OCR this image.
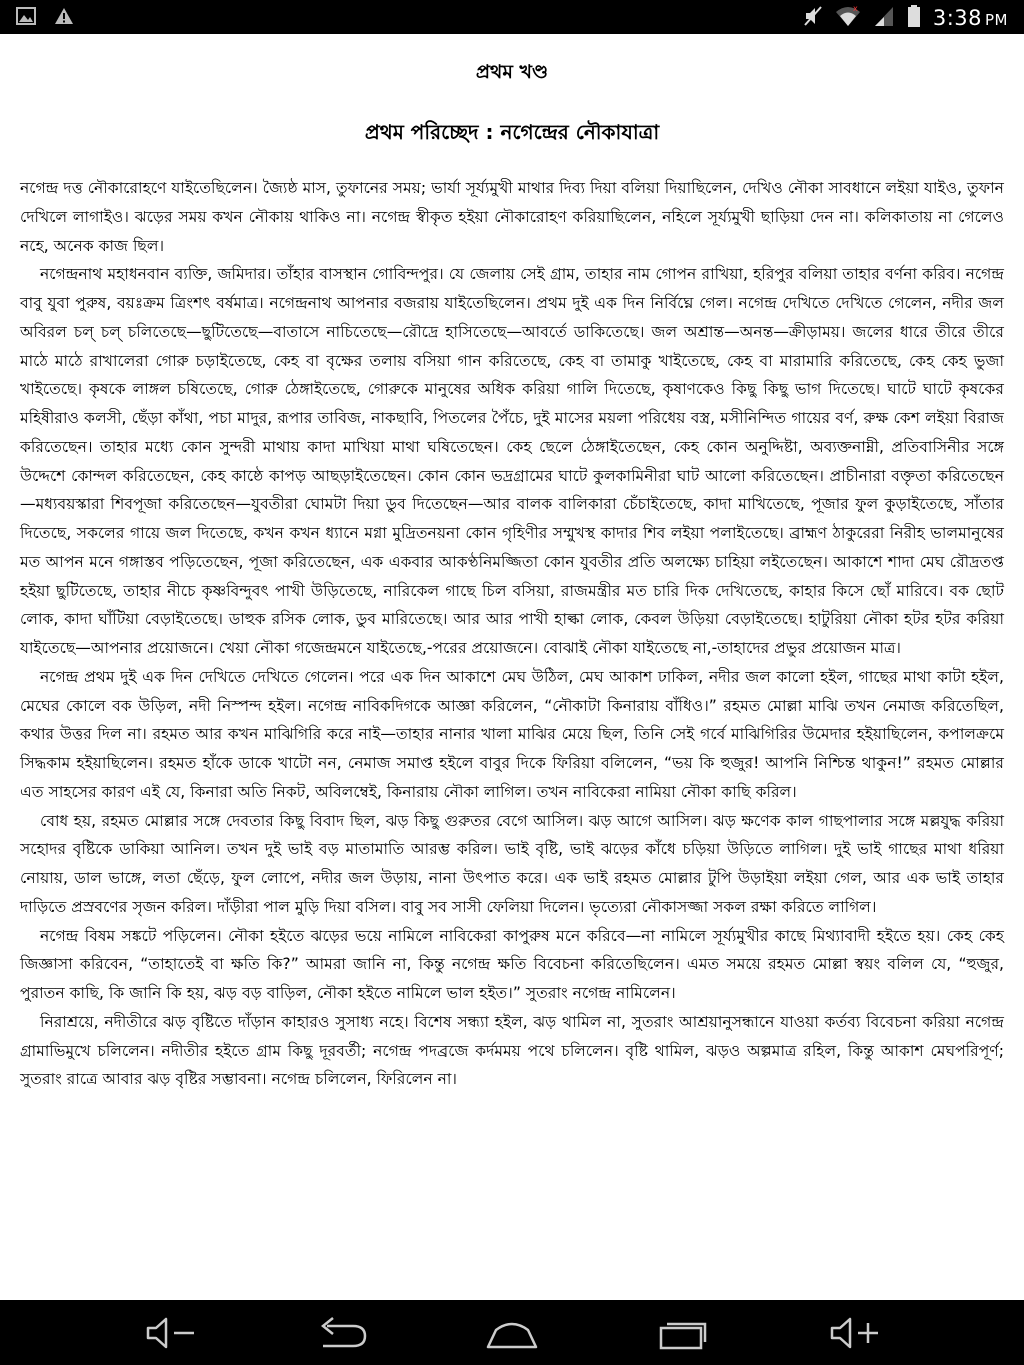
x	3:38 PM
প্রথম খণ্ড
প্রথম পরিচ্ছেদ : নগেন্দ্রের নৌকাযাত্রা

নগেন্দ্র দত্ত নৌকারোহণে যাইতেছিলেন। জ্যৈষ্ঠ মাস, তুফানের সময়; ভার্যা সূর্য্যমুখী মাথার দিব্য দিয়া বলিয়া দিয়াছিলেন, দেখিও নৌকা সাবধানে লইয়া যাইও, তুফান দেখিলে লাগাইও। ঝড়ের সময় কখন নৌকায় থাকিও না। নগেন্দ্র স্বীকৃত হইয়া নৌকারোহণ করিয়াছিলেন, নহিলে সূর্য্যমুখী ছাড়িয়া দেন না। কলিকাতায় না গেলেও নহে, অনেক কাজ ছিল।

নগেন্দ্রনাথ মহাধনবান ব্যক্তি, জমিদার। তাঁহার বাসস্থান গোবিন্দপুর। যে জেলায় সেই গ্রাম, তাহার নাম গোপন রাখিয়া, হরিপুর বলিয়া তাহার বর্ণনা করিব। নগেন্দ্র বাবু যুবা পুরুষ, বয়ঃক্রম ত্রিংশৎ বর্ষমাত্র। নগেন্দ্রনাথ আপনার বজরায় যাইতেছিলেন। প্রথম দুই এক দিন নির্বিঘ্নে গেল। নগেন্দ্র দেখিতে দেখিতে গেলেন, নদীর জল অবিরল চল্‌ চল্‌ চলিতেছে—ছুটিতেছে—বাতাসে নাচিতেছে—রৌদ্রে হাসিতেছে—আবর্তে ডাকিতেছে। জল অশ্রান্ত—অনন্ত—ক্রীড়াময়। জলের ধারে তীরে তীরে মাঠে মাঠে রাখালেরা গোরু চড়াইতেছে, কেহ বা বৃক্ষের তলায় বসিয়া গান করিতেছে, কেহ বা তামাকু খাইতেছে, কেহ বা মারামারি করিতেছে, কেহ কেহ ভুজা খাইতেছে। কৃষকে লাঙ্গল চষিতেছে, গোরু ঠেঙ্গাইতেছে, গোরুকে মানুষের অধিক করিয়া গালি দিতেছে, কৃষাণকেও কিছু কিছু ভাগ দিতেছে। ঘাটে ঘাটে কৃষকের মহিষীরাও কলসী, ছেঁড়া কাঁথা, পচা মাদুর, রূপার তাবিজ, নাকছাবি, পিতলের পৈঁচে, দুই মাসের ময়লা পরিধেয় বস্ত্র, মসীনিন্দিত গায়ের বর্ণ, রুক্ষ কেশ লইয়া বিরাজ করিতেছেন। তাহার মধ্যে কোন সুন্দরী মাথায় কাদা মাখিয়া মাথা ঘষিতেছেন। কেহ ছেলে ঠেঙ্গাইতেছেন, কেহ কোন অনুদ্দিষ্টা, অব্যক্তনাম্নী, প্রতিবাসিনীর সঙ্গে উদ্দেশে কোন্দল করিতেছেন, কেহ কাষ্ঠে কাপড় আছড়াইতেছেন। কোন কোন ভদ্রগ্রামের ঘাটে কুলকামিনীরা ঘাট আলো করিতেছেন। প্রাচীনারা বক্তৃতা করিতেছেন—মধ্যবয়স্কারা শিবপূজা করিতেছেন—যুবতীরা ঘোমটা দিয়া ডুব দিতেছেন—আর বালক বালিকারা চেঁচাইতেছে, কাদা মাখিতেছে, পূজার ফুল কুড়াইতেছে, সাঁতার দিতেছে, সকলের গায়ে জল দিতেছে, কখন কখন ধ্যানে মগ্না মুদ্রিতনয়না কোন গৃহিণীর সম্মুখস্থ কাদার শিব লইয়া পলাইতেছে। ব্রাহ্মণ ঠাকুরেরা নিরীহ ভালমানুষের মত আপন মনে গঙ্গাস্তব পড়িতেছেন, পূজা করিতেছেন, এক একবার আকণ্ঠনিমজ্জিতা কোন যুবতীর প্রতি অলক্ষ্যে চাহিয়া লইতেছেন। আকাশে শাদা মেঘ রৌদ্রতপ্ত হইয়া ছুটিতেছে, তাহার নীচে কৃষ্ণবিন্দুবৎ পাখী উড়িতেছে, নারিকেল গাছে চিল বসিয়া, রাজমন্ত্রীর মত চারি দিক দেখিতেছে, কাহার কিসে ছোঁ মারিবে। বক ছোট লোক, কাদা ঘাঁটিয়া বেড়াইতেছে। ডাহুক রসিক লোক, ডুব মারিতেছে। আর আর পাখী হাল্কা লোক, কেবল উড়িয়া বেড়াইতেছে। হাটুরিয়া নৌকা হটর হটর করিয়া যাইতেছে—আপনার প্রয়োজনে। খেয়া নৌকা গজেন্দ্রমনে যাইতেছে,-পরের প্রয়োজনে। বোঝাই নৌকা যাইতেছে না,-তাহাদের প্রভুর প্রয়োজন মাত্র।

নগেন্দ্র প্রথম দুই এক দিন দেখিতে দেখিতে গেলেন। পরে এক দিন আকাশে মেঘ উঠিল, মেঘ আকাশ ঢাকিল, নদীর জল কালো হইল, গাছের মাথা কাটা হইল, মেঘের কোলে বক উড়িল, নদী নিস্পন্দ হইল। নগেন্দ্র নাবিকদিগকে আজ্ঞা করিলেন, “নৌকাটা কিনারায় বাঁধিও।” রহমত মোল্লা মাঝি তখন নেমাজ করিতেছিল, কথার উত্তর দিল না। রহমত আর কখন মাঝিগিরি করে নাই—তাহার নানার খালা মাঝির মেয়ে ছিল, তিনি সেই গর্বে মাঝিগিরির উমেদার হইয়াছিলেন, কপালক্রমে সিদ্ধকাম হইয়াছিলেন। রহমত হাঁকে ডাকে খাটো নন, নেমাজ সমাপ্ত হইলে বাবুর দিকে ফিরিয়া বলিলেন, “ভয় কি হুজুর! আপনি নিশ্চিন্ত থাকুন!” রহমত মোল্লার এত সাহসের কারণ এই যে, কিনারা অতি নিকট, অবিলম্বেই, কিনারায় নৌকা লাগিল। তখন নাবিকেরা নামিয়া নৌকা কাছি করিল।

বোধ হয়, রহমত মোল্লার সঙ্গে দেবতার কিছু বিবাদ ছিল, ঝড় কিছু গুরুতর বেগে আসিল। ঝড় আগে আসিল। ঝড় ক্ষণেক কাল গাছপালার সঙ্গে মল্লযুদ্ধ করিয়া সহোদর বৃষ্টিকে ডাকিয়া আনিল। তখন দুই ভাই বড় মাতামাতি আরম্ভ করিল। ভাই বৃষ্টি, ভাই ঝড়ের কাঁধে চড়িয়া উড়িতে লাগিল। দুই ভাই গাছের মাথা ধরিয়া নোয়ায়, ডাল ভাঙ্গে, লতা ছেঁড়ে, ফুল লোপে, নদীর জল উড়ায়, নানা উৎপাত করে। এক ভাই রহমত মোল্লার টুপি উড়াইয়া লইয়া গেল, আর এক ভাই তাহার দাড়িতে প্রস্রবণের সৃজন করিল। দাঁড়ীরা পাল মুড়ি দিয়া বসিল। বাবু সব সাসী ফেলিয়া দিলেন। ভৃত্যেরা নৌকাসজ্জা সকল রক্ষা করিতে লাগিল।

নগেন্দ্র বিষম সঙ্কটে পড়িলেন। নৌকা হইতে ঝড়ের ভয়ে নামিলে নাবিকেরা কাপুরুষ মনে করিবে—না নামিলে সূর্য্যমুখীর কাছে মিথ্যাবাদী হইতে হয়। কেহ কেহ জিজ্ঞাসা করিবেন, “তাহাতেই বা ক্ষতি কি?” আমরা জানি না, কিন্তু নগেন্দ্র ক্ষতি বিবেচনা করিতেছিলেন। এমত সময়ে রহমত মোল্লা স্বয়ং বলিল যে, “হুজুর, পুরাতন কাছি, কি জানি কি হয়, ঝড় বড় বাড়িল, নৌকা হইতে নামিলে ভাল হইত।” সুতরাং নগেন্দ্র নামিলেন।

নিরাশ্রয়ে, নদীতীরে ঝড় বৃষ্টিতে দাঁড়ান কাহারও সুসাধ্য নহে। বিশেষ সন্ধ্যা হইল, ঝড় থামিল না, সুতরাং আশ্রয়ানুসন্ধানে যাওয়া কর্তব্য বিবেচনা করিয়া নগেন্দ্র গ্রামাভিমুখে চলিলেন। নদীতীর হইতে গ্রাম কিছু দূরবর্তী; নগেন্দ্র পদব্রজে কর্দমময় পথে চলিলেন। বৃষ্টি থামিল, ঝড়ও অল্পমাত্র রহিল, কিন্তু আকাশ মেঘপরিপূর্ণ; সুতরাং রাত্রে আবার ঝড় বৃষ্টির সম্ভাবনা। নগেন্দ্র চলিলেন, ফিরিলেন না।
